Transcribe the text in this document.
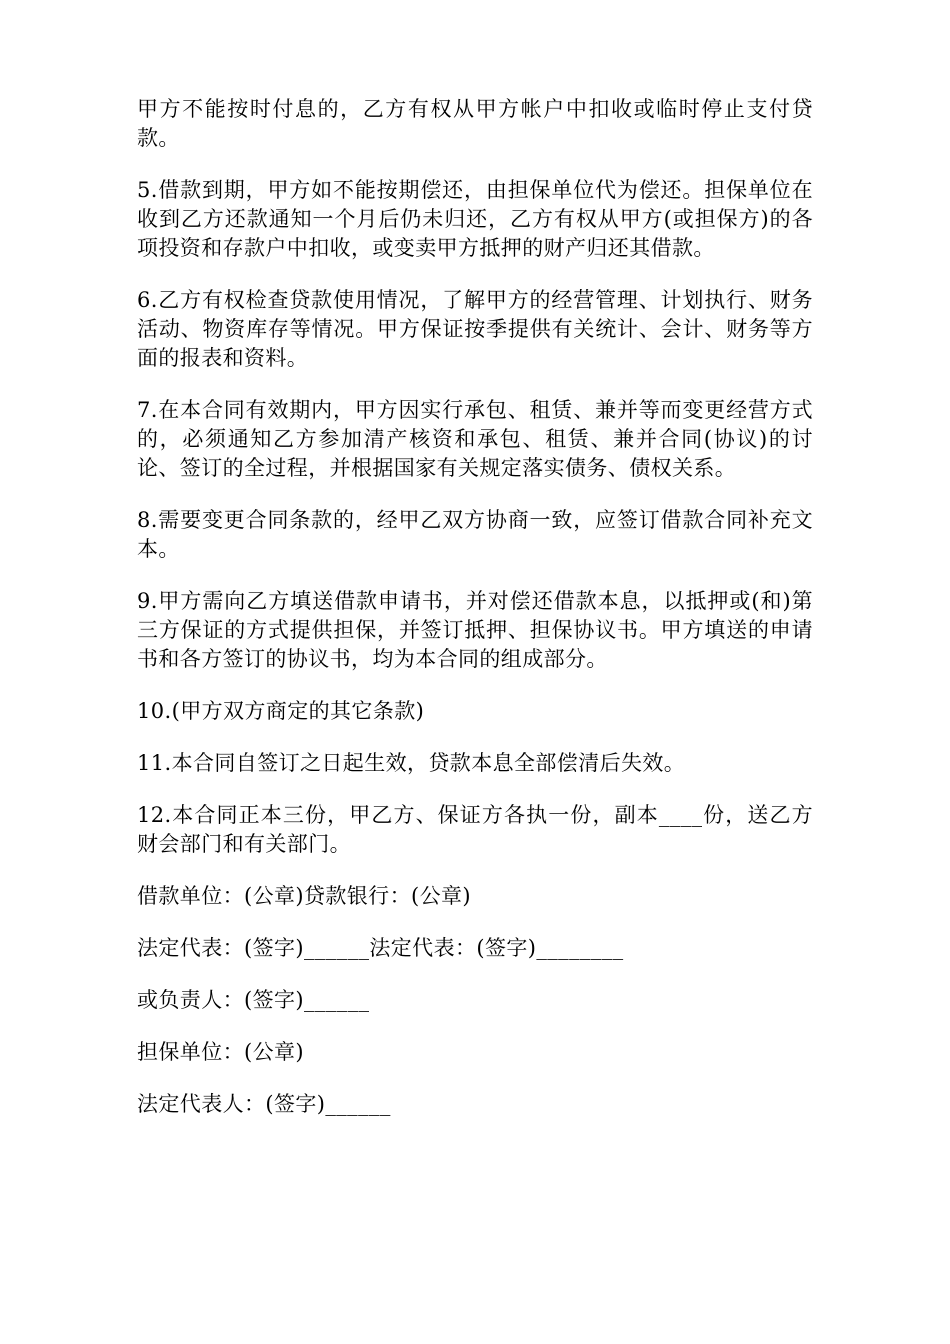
甲方不能按时付息的，乙方有权从甲方帐户中扣收或临时停止支付贷款。

5.借款到期，甲方如不能按期偿还，由担保单位代为偿还。担保单位在收到乙方还款通知一个月后仍未归还，乙方有权从甲方(或担保方)的各项投资和存款户中扣收，或变卖甲方抵押的财产归还其借款。

6.乙方有权检查贷款使用情况，了解甲方的经营管理、计划执行、财务活动、物资库存等情况。甲方保证按季提供有关统计、会计、财务等方面的报表和资料。

7.在本合同有效期内，甲方因实行承包、租赁、兼并等而变更经营方式的，必须通知乙方参加清产核资和承包、租赁、兼并合同(协议)的讨论、签订的全过程，并根据国家有关规定落实债务、债权关系。

8.需要变更合同条款的，经甲乙双方协商一致，应签订借款合同补充文本。

9.甲方需向乙方填送借款申请书，并对偿还借款本息，以抵押或(和)第三方保证的方式提供担保，并签订抵押、担保协议书。甲方填送的申请书和各方签订的协议书，均为本合同的组成部分。

10.(甲方双方商定的其它条款)

11.本合同自签订之日起生效，贷款本息全部偿清后失效。

12.本合同正本三份，甲乙方、保证方各执一份，副本____份，送乙方财会部门和有关部门。

借款单位：(公章)贷款银行：(公章)

法定代表：(签字)______法定代表：(签字)________

或负责人：(签字)______

担保单位：(公章)

法定代表人：(签字)______
